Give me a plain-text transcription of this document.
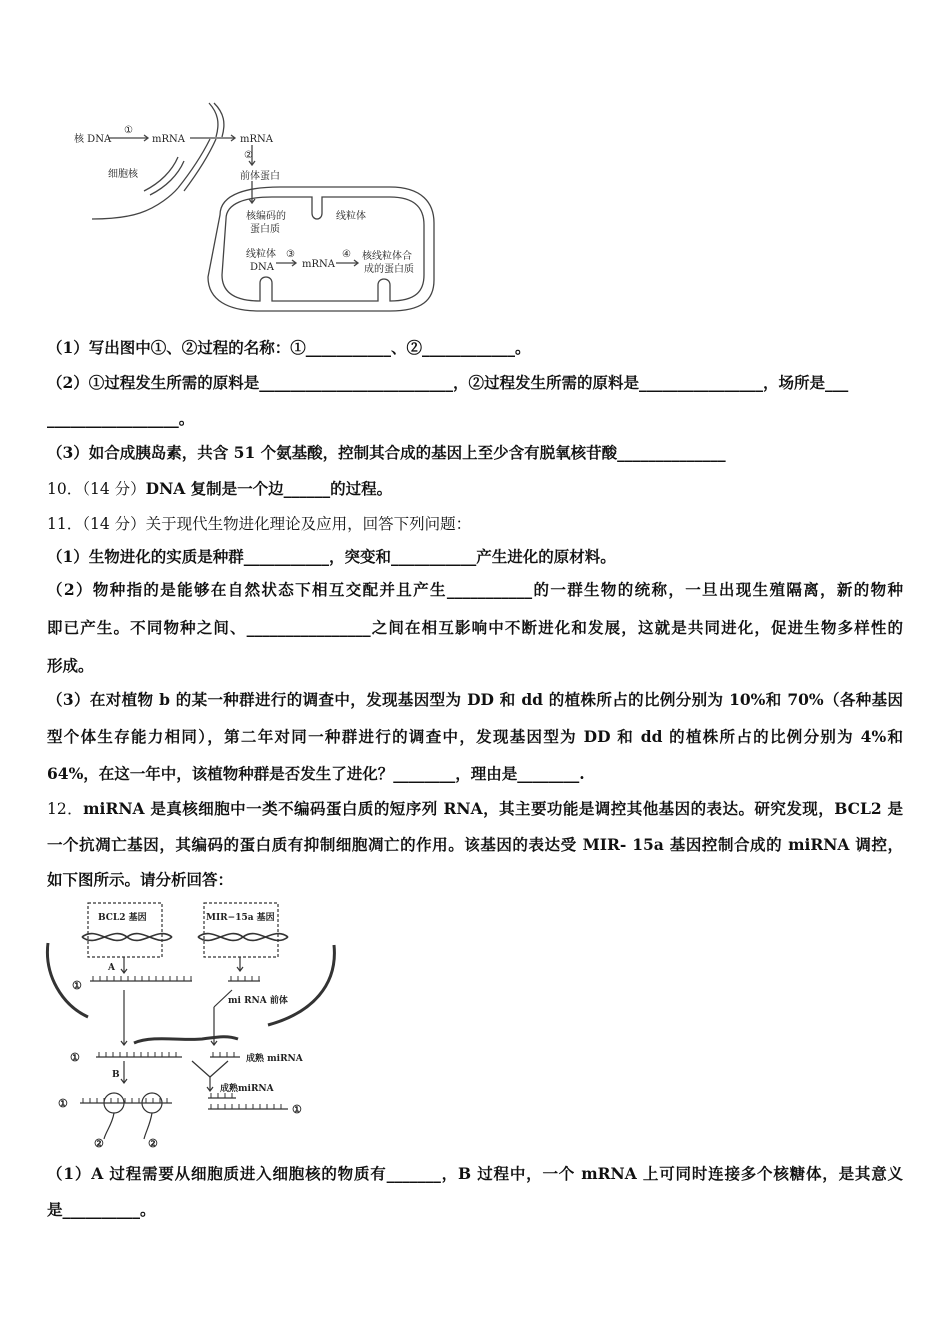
核 DNA
①
mRNA	mRNA
②
细胞核	前体蛋白
核编码的
蛋白质
线粒体
线粒体
DNA
③
mRNA
④ 核线粒体合
成的蛋白质
（1）写出图中①、②过程的名称：①___________、②____________。
（2）①过程发生所需的原料是_________________________，②过程发生所需的原料是________________，场所是___
_________________。
（3）如合成胰岛素，共含 51 个氨基酸，控制其合成的基因上至少含有脱氧核苷酸______________
10．（14 分）DNA 复制是一个边______的过程。
11．（14 分）关于现代生物进化理论及应用，回答下列问题：
（1）生物进化的实质是种群___________，突变和___________产生进化的原材料。
（2）物种指的是能够在自然状态下相互交配并且产生___________的一群生物的统称，一旦出现生殖隔离，新的物种
即已产生。不同物种之间、________________之间在相互影响中不断进化和发展，这就是共同进化，促进生物多样性的
形成。
（3）在对植物 b 的某一种群进行的调查中，发现基因型为 DD 和 dd 的植株所占的比例分别为 10%和 70%（各种基因
型个体生存能力相同），第二年对同一种群进行的调查中，发现基因型为 DD 和 dd 的植株所占的比例分别为 4%和
64%，在这一年中，该植物种群是否发生了进化？________，理由是________.
12．miRNA 是真核细胞中一类不编码蛋白质的短序列 RNA，其主要功能是调控其他基因的表达。研究发现，BCL2 是
一个抗凋亡基因，其编码的蛋白质有抑制细胞凋亡的作用。该基因的表达受 MIR- 15a 基因控制合成的 miRNA 调控，
如下图所示。请分析回答：
BCL2 基因	MIR−15a 基因
A
①
mi RNA 前体
①	成熟 miRNA
B
成熟miRNA
①	①
②	②
（1）A 过程需要从细胞质进入细胞核的物质有_______，B 过程中，一个 mRNA 上可同时连接多个核糖体，是其意义
是__________。
